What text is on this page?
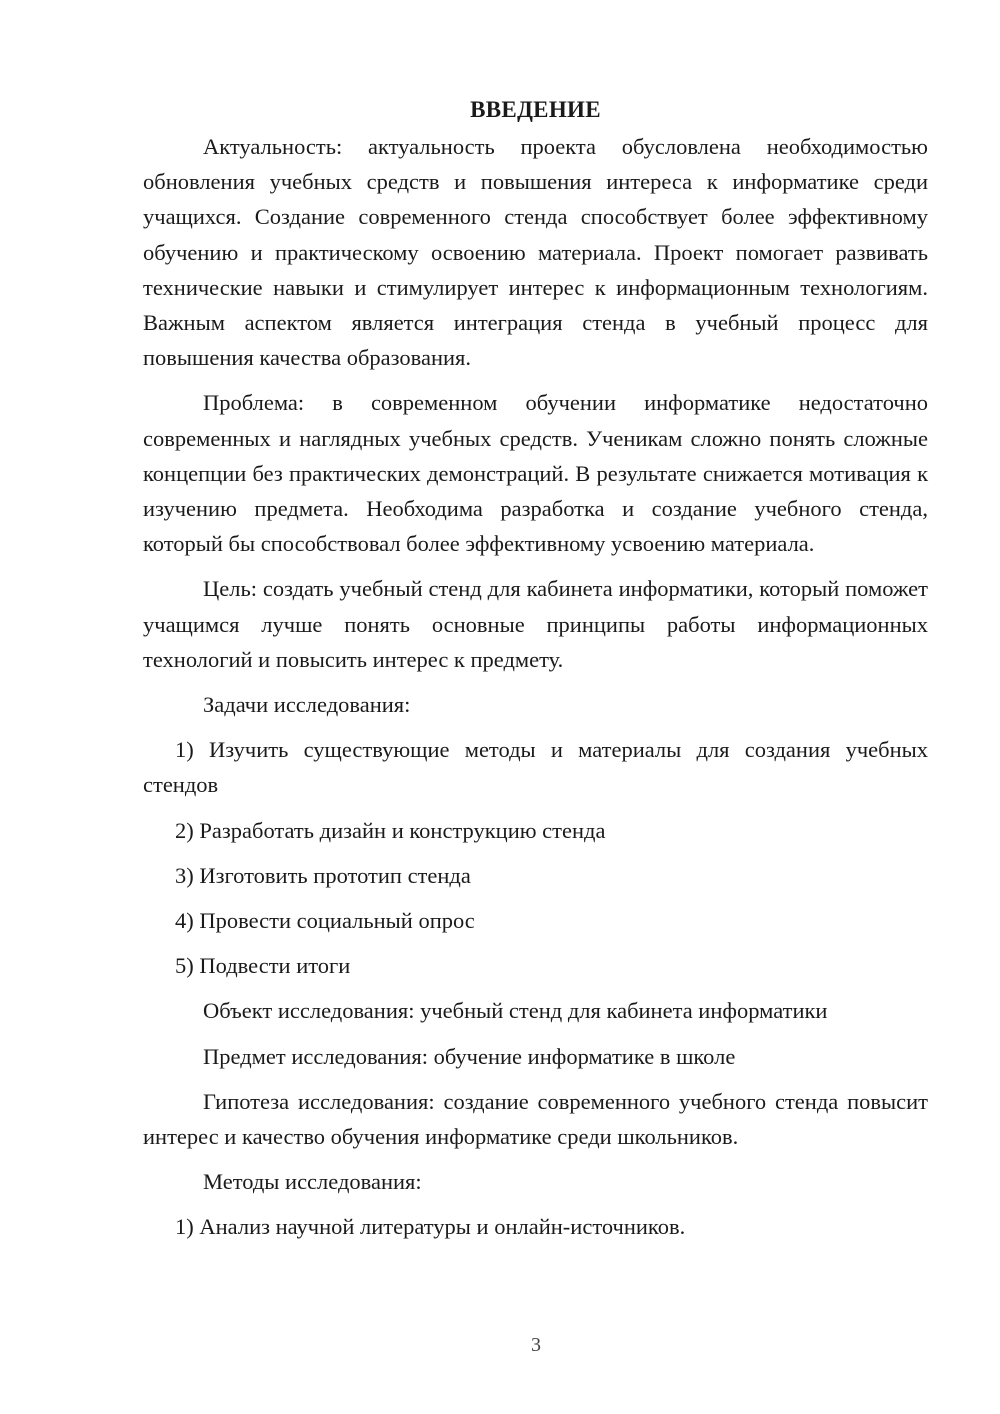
ВВЕДЕНИЕ

Актуальность: актуальность проекта обусловлена необходимостью обновления учебных средств и повышения интереса к информатике среди учащихся. Создание современного стенда способствует более эффективному обучению и практическому освоению материала. Проект помогает развивать технические навыки и стимулирует интерес к информационным технологиям. Важным аспектом является интеграция стенда в учебный процесс для повышения качества образования.

Проблема: в современном обучении информатике недостаточно современных и наглядных учебных средств. Ученикам сложно понять сложные концепции без практических демонстраций. В результате снижается мотивация к изучению предмета. Необходима разработка и создание учебного стенда, который бы способствовал более эффективному усвоению материала.

Цель: создать учебный стенд для кабинета информатики, который поможет учащимся лучше понять основные принципы работы информационных технологий и повысить интерес к предмету.

Задачи исследования:

1) Изучить существующие методы и материалы для создания учебных стендов

2) Разработать дизайн и конструкцию стенда

3) Изготовить прототип стенда

4) Провести социальный опрос

5) Подвести итоги

Объект исследования: учебный стенд для кабинета информатики

Предмет исследования: обучение информатике в школе

Гипотеза исследования: создание современного учебного стенда повысит интерес и качество обучения информатике среди школьников.

Методы исследования:

1) Анализ научной литературы и онлайн-источников.

3
